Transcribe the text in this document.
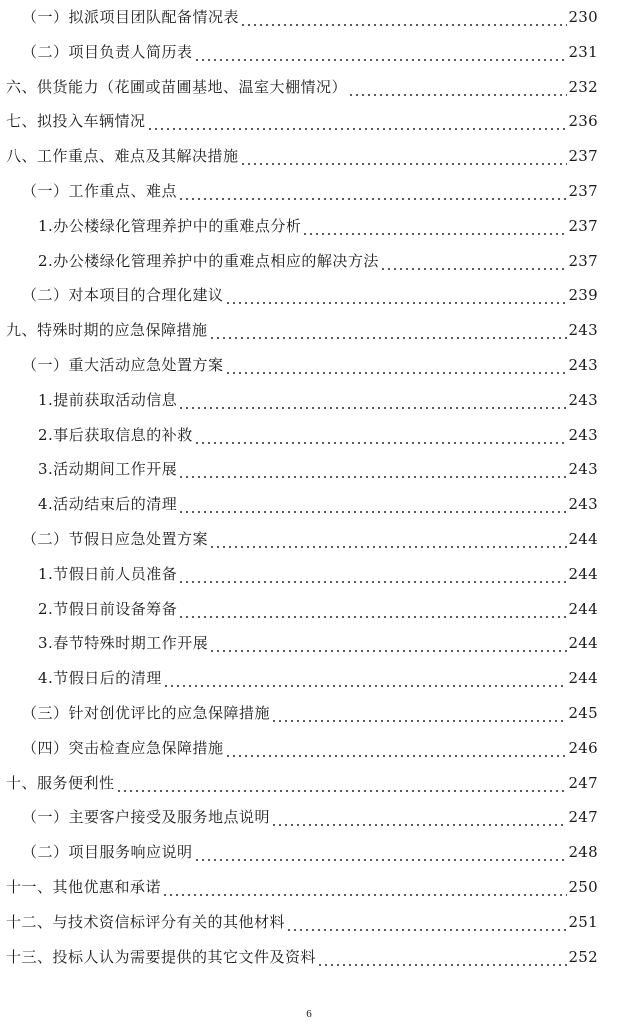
（一）拟派项目团队配备情况表	230
（二）项目负责人简历表	231
六、供货能力（花圃或苗圃基地、温室大棚情况）	232
七、拟投入车辆情况	236
八、工作重点、难点及其解决措施	237
（一）工作重点、难点	237
1.办公楼绿化管理养护中的重难点分析	237
2.办公楼绿化管理养护中的重难点相应的解决方法	237
（二）对本项目的合理化建议	239
九、特殊时期的应急保障措施	243
（一）重大活动应急处置方案	243
1.提前获取活动信息	243
2.事后获取信息的补救	243
3.活动期间工作开展	243
4.活动结束后的清理	243
（二）节假日应急处置方案	244
1.节假日前人员准备	244
2.节假日前设备筹备	244
3.春节特殊时期工作开展	244
4.节假日后的清理	244
（三）针对创优评比的应急保障措施	245
（四）突击检查应急保障措施	246
十、服务便利性	247
（一）主要客户接受及服务地点说明	247
（二）项目服务响应说明	248
十一、其他优惠和承诺	250
十二、与技术资信标评分有关的其他材料	251
十三、投标人认为需要提供的其它文件及资料	252
6
